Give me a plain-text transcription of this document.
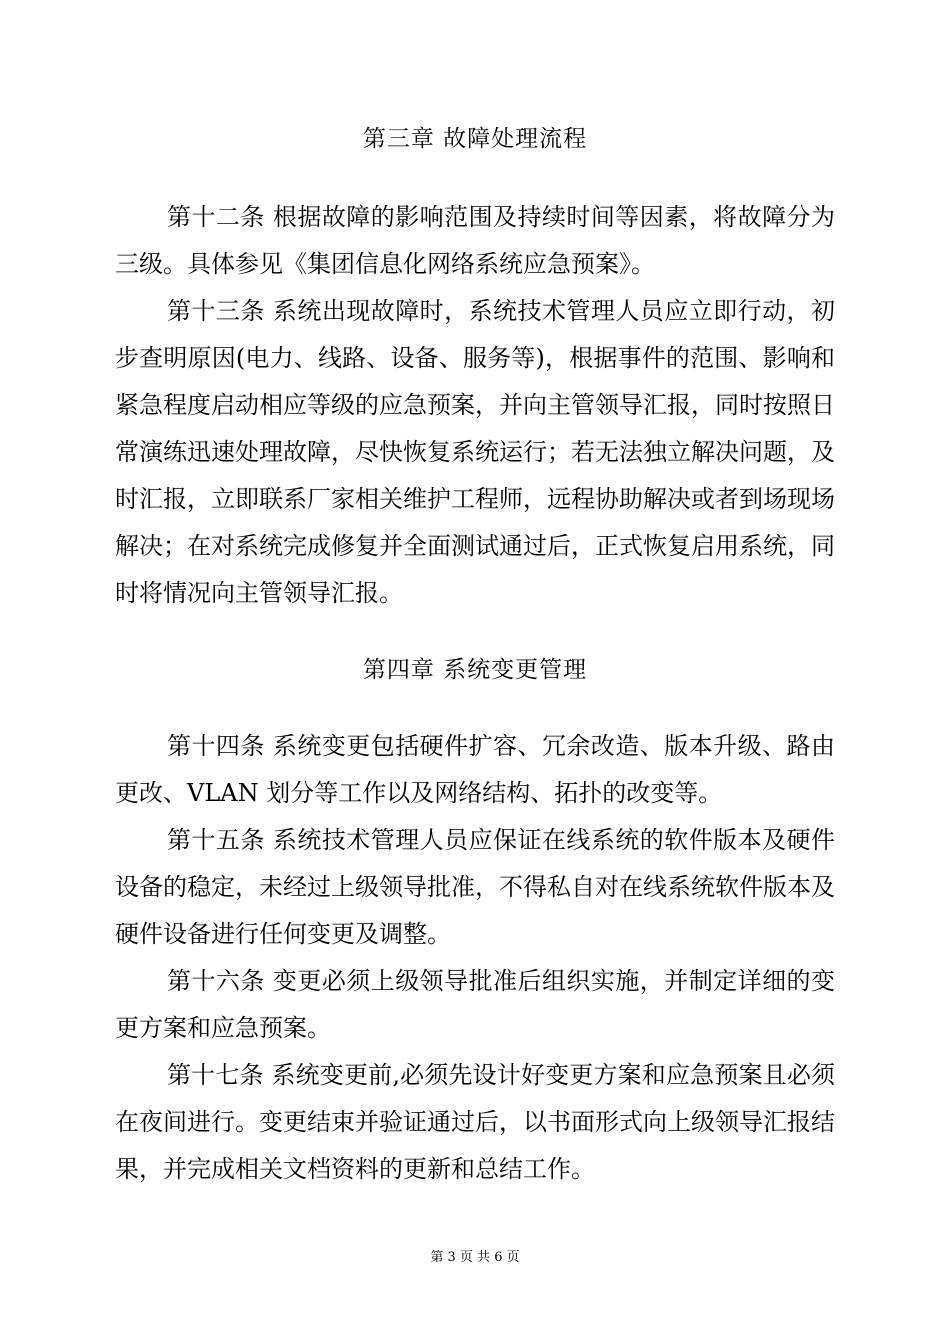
第三章 故障处理流程

第十二条 根据故障的影响范围及持续时间等因素，将故障分为三级。具体参见《集团信息化网络系统应急预案》。

第十三条 系统出现故障时，系统技术管理人员应立即行动，初步查明原因(电力、线路、设备、服务等)，根据事件的范围、影响和紧急程度启动相应等级的应急预案，并向主管领导汇报，同时按照日常演练迅速处理故障，尽快恢复系统运行；若无法独立解决问题，及时汇报，立即联系厂家相关维护工程师，远程协助解决或者到场现场解决；在对系统完成修复并全面测试通过后，正式恢复启用系统，同时将情况向主管领导汇报。

第四章 系统变更管理

第十四条 系统变更包括硬件扩容、冗余改造、版本升级、路由更改、VLAN 划分等工作以及网络结构、拓扑的改变等。

第十五条 系统技术管理人员应保证在线系统的软件版本及硬件设备的稳定，未经过上级领导批准，不得私自对在线系统软件版本及硬件设备进行任何变更及调整。

第十六条 变更必须上级领导批准后组织实施，并制定详细的变更方案和应急预案。

第十七条 系统变更前,必须先设计好变更方案和应急预案且必须在夜间进行。变更结束并验证通过后，以书面形式向上级领导汇报结果，并完成相关文档资料的更新和总结工作。

第 3 页 共 6 页
